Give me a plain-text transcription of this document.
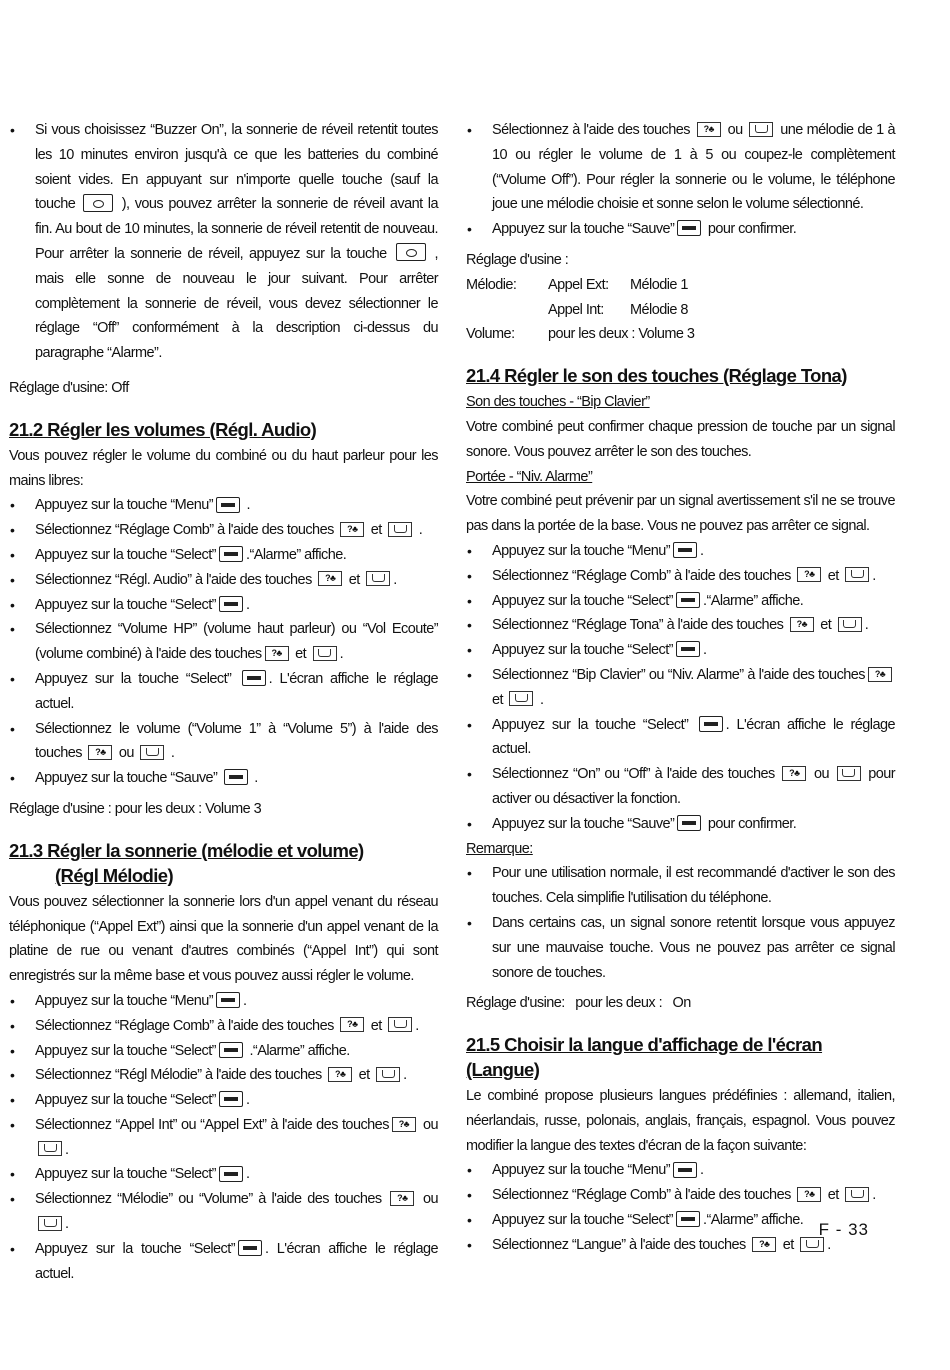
• Si vous choisissez “Buzzer On”, la sonnerie de réveil retentit toutes les 10 minutes environ jusqu'à ce que les batteries du combiné soient vides. En appuyant sur n'importe quelle touche (sauf la touche	), vous pouvez arrêter la sonnerie de réveil avant la fin. Au bout de 10 minutes, la sonnerie de réveil retentit de nouveau. Pour arrêter la sonnerie de réveil, appuyez sur la touche	, mais elle sonne de nouveau le jour suivant. Pour arrêter complètement la sonnerie de réveil, vous devez sélectionner le réglage “Off” conformément à la description ci-dessus du paragraphe “Alarme”.

Réglage d'usine: Off

21.2 Régler les volumes (Régl. Audio)

Vous pouvez régler le volume du combiné ou du haut parleur pour les mains libres:

• Appuyez sur la touche “Menu” .
• Sélectionnez “Réglage Comb” à l'aide des touches ?♣ et  .
• Appuyez sur la touche “Select” .“Alarme” affiche.
• Sélectionnez “Régl. Audio” à l'aide des touches ?♣ et .
• Appuyez sur la touche “Select” .
• Sélectionnez “Volume HP” (volume haut parleur) ou “Vol Ecoute” (volume combiné) à l'aide des touches ?♣ et .
• Appuyez sur la touche “Select”	. L'écran affiche le réglage actuel.
• Sélectionnez le volume (“Volume 1” à “Volume 5”) à l'aide des touches ?♣ ou  .
• Appuyez sur la touche “Sauve”  .

Réglage d'usine : pour les deux : Volume 3

21.3 Régler la sonnerie (mélodie et volume)
(Régl Mélodie)

Vous pouvez sélectionner la sonnerie lors d'un appel venant du réseau téléphonique (“Appel Ext”) ainsi que la sonnerie d'un appel venant de la platine de rue ou venant d'autres combinés (“Appel Int”) qui sont enregistrés sur la même base et vous pouvez aussi régler le volume.

• Appuyez sur la touche “Menu” .
• Sélectionnez “Réglage Comb” à l'aide des touches ?♣ et .
• Appuyez sur la touche “Select” .“Alarme” affiche.
• Sélectionnez “Régl Mélodie” à l'aide des touches ?♣ et .
• Appuyez sur la touche “Select” .
• Sélectionnez “Appel Int” ou “Appel Ext” à l'aide des touches ?♣ ou .
• Appuyez sur la touche “Select” .
• Sélectionnez “Mélodie” ou “Volume” à l'aide des touches ?♣ ou .
• Appuyez sur la touche “Select” . L'écran affiche le réglage actuel.
• Sélectionnez à l'aide des touches ?♣ ou	une mélodie de 1 à 10 ou régler le volume de 1 à 5 ou coupez-le complètement (“Volume Off”). Pour régler la sonnerie ou le volume, le téléphone joue une mélodie choisie et sonne selon le volume sélectionné.
• Appuyez sur la touche “Sauve” pour confirmer.

Réglage d'usine :

Mélodie:	Appel Ext:	Mélodie 1
	Appel Int:	Mélodie 8
Volume:	pour les deux : Volume 3	
21.4 Régler le son des touches (Réglage Tona)

Son des touches - “Bip Clavier”

Votre combiné peut confirmer chaque pression de touche par un signal sonore. Vous pouvez arrêter le son des touches.

Portée - “Niv. Alarme”

Votre combiné peut prévenir par un signal avertissement s'il ne se trouve pas dans la portée de la base. Vous ne pouvez pas arrêter ce signal.

• Appuyez sur la touche “Menu” .
• Sélectionnez “Réglage Comb” à l'aide des touches ?♣ et .
• Appuyez sur la touche “Select” .“Alarme” affiche.
• Sélectionnez “Réglage Tona” à l'aide des touches ?♣ et .
• Appuyez sur la touche “Select” .
• Sélectionnez “Bip Clavier” ou “Niv. Alarme” à l'aide des touches ?♣ et  .
• Appuyez sur la touche “Select”	. L'écran affiche le réglage actuel.
• Sélectionnez “On” ou “Off” à l'aide des touches ?♣ ou	pour activer ou désactiver la fonction.
• Appuyez sur la touche “Sauve” pour confirmer.

Remarque:

• Pour une utilisation normale, il est recommandé d'activer le son des touches. Cela simplifie l'utilisation du téléphone.
• Dans certains cas, un signal sonore retentit lorsque vous appuyez sur une mauvaise touche. Vous ne pouvez pas arrêter ce signal sonore de touches.

Réglage d'usine:   pour les deux :   On

21.5 Choisir la langue d'affichage de l'écran (Langue)

Le combiné propose plusieurs langues prédéfinies : allemand, italien, néerlandais, russe, polonais, anglais, français, espagnol. Vous pouvez modifier la langue des textes d'écran de la façon suivante:

• Appuyez sur la touche “Menu” .
• Sélectionnez “Réglage Comb” à l'aide des touches ?♣ et .
• Appuyez sur la touche “Select” .“Alarme” affiche.
• Sélectionnez “Langue” à l'aide des touches ?♣ et .
F - 33
